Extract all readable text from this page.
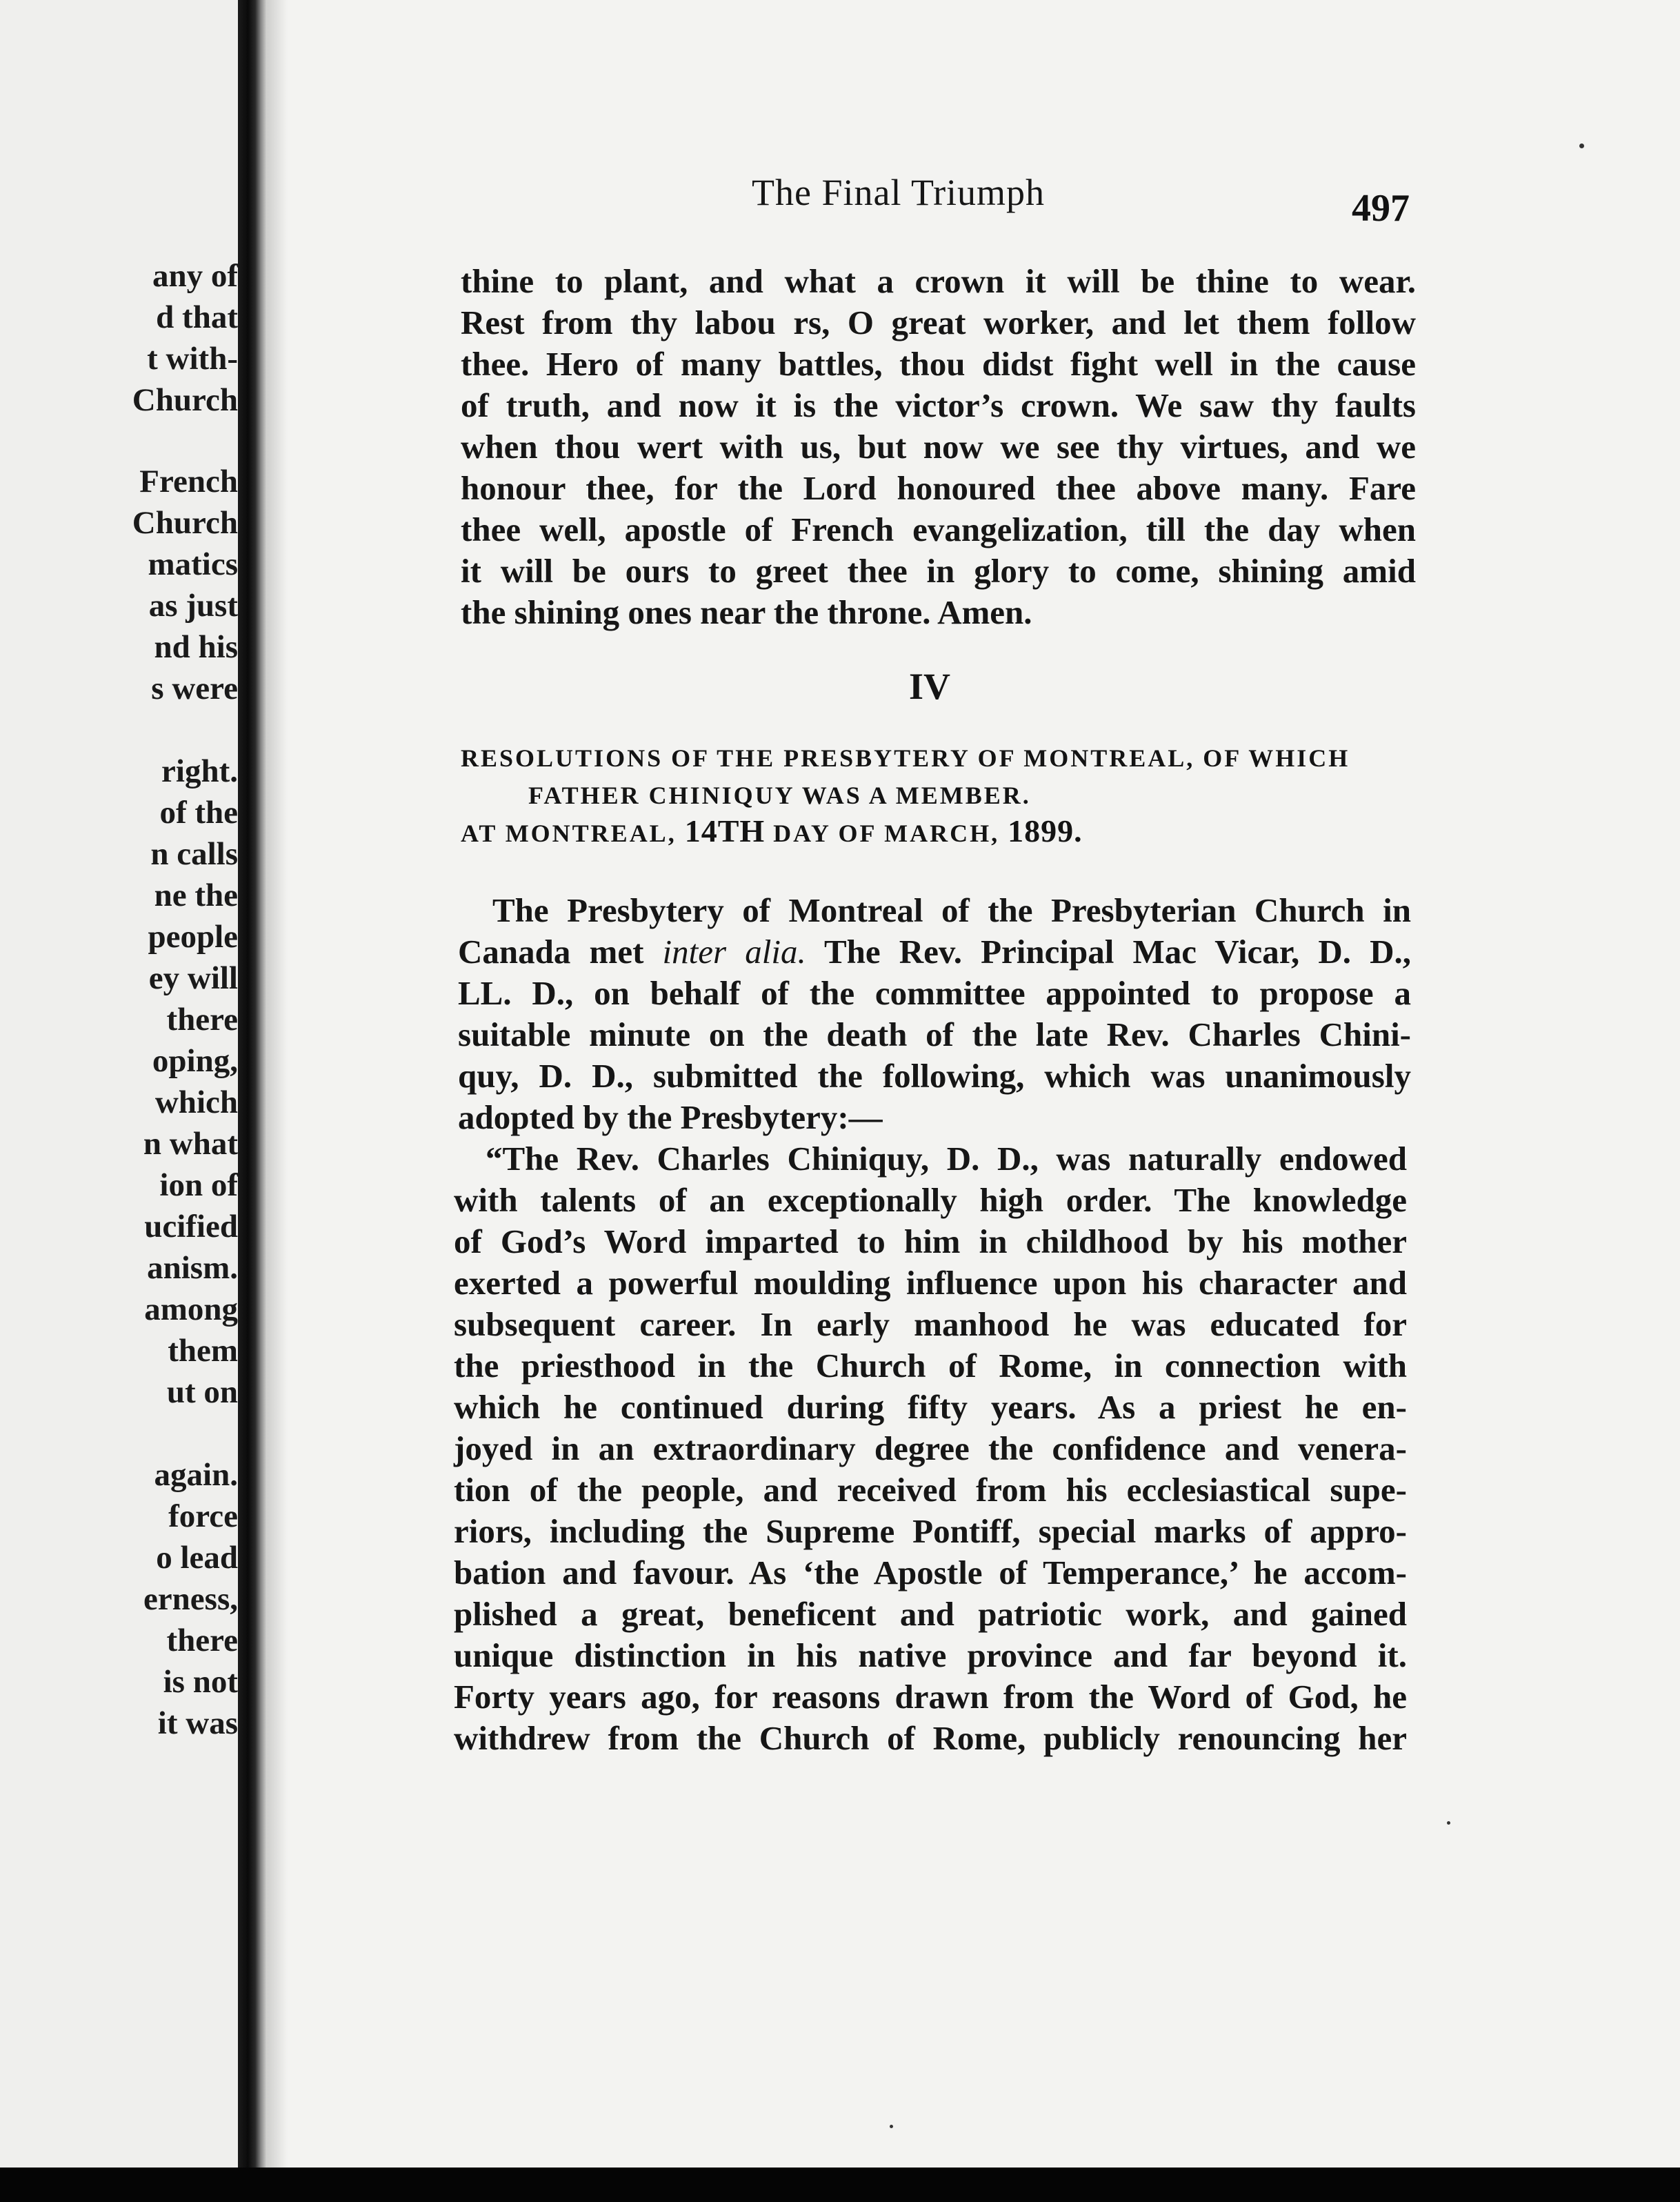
any of
d that
t with-
Church
French
Church
matics
as just
nd his
s were
right.
of the
n calls
ne the
people
ey will
there
oping,
which
n what
ion of
ucified
anism.
among
them
ut on
again.
force
o lead
erness,
there
is not
it was
The Final Triumph	497
thine to plant, and what a crown it will be thine to wear.
Rest from thy labou rs, O great worker, and let them follow
thee. Hero of many battles, thou didst fight well in the cause
of truth, and now it is the victor’s crown. We saw thy faults
when thou wert with us, but now we see thy virtues, and we
honour thee, for the Lord honoured thee above many. Fare
thee well, apostle of French evangelization, till the day when
it will be ours to greet thee in glory to come, shining amid
the shining ones near the throne. Amen.
IV
RESOLUTIONS OF THE PRESBYTERY OF MONTREAL, OF WHICH
FATHER CHINIQUY WAS A MEMBER.
AT MONTREAL, 14TH DAY OF MARCH, 1899.
The Presbytery of Montreal of the Presbyterian Church in
Canada met inter alia. The Rev. Principal Mac Vicar, D. D.,
LL. D., on behalf of the committee appointed to propose a
suitable minute on the death of the late Rev. Charles Chini-
quy, D. D., submitted the following, which was unanimously
adopted by the Presbytery:—
“The Rev. Charles Chiniquy, D. D., was naturally endowed
with talents of an exceptionally high order. The knowledge
of God’s Word imparted to him in childhood by his mother
exerted a powerful moulding influence upon his character and
subsequent career. In early manhood he was educated for
the priesthood in the Church of Rome, in connection with
which he continued during fifty years. As a priest he en-
joyed in an extraordinary degree the confidence and venera-
tion of the people, and received from his ecclesiastical supe-
riors, including the Supreme Pontiff, special marks of appro-
bation and favour. As ‘the Apostle of Temperance,’ he accom-
plished a great, beneficent and patriotic work, and gained
unique distinction in his native province and far beyond it.
Forty years ago, for reasons drawn from the Word of God, he
withdrew from the Church of Rome, publicly renouncing her
